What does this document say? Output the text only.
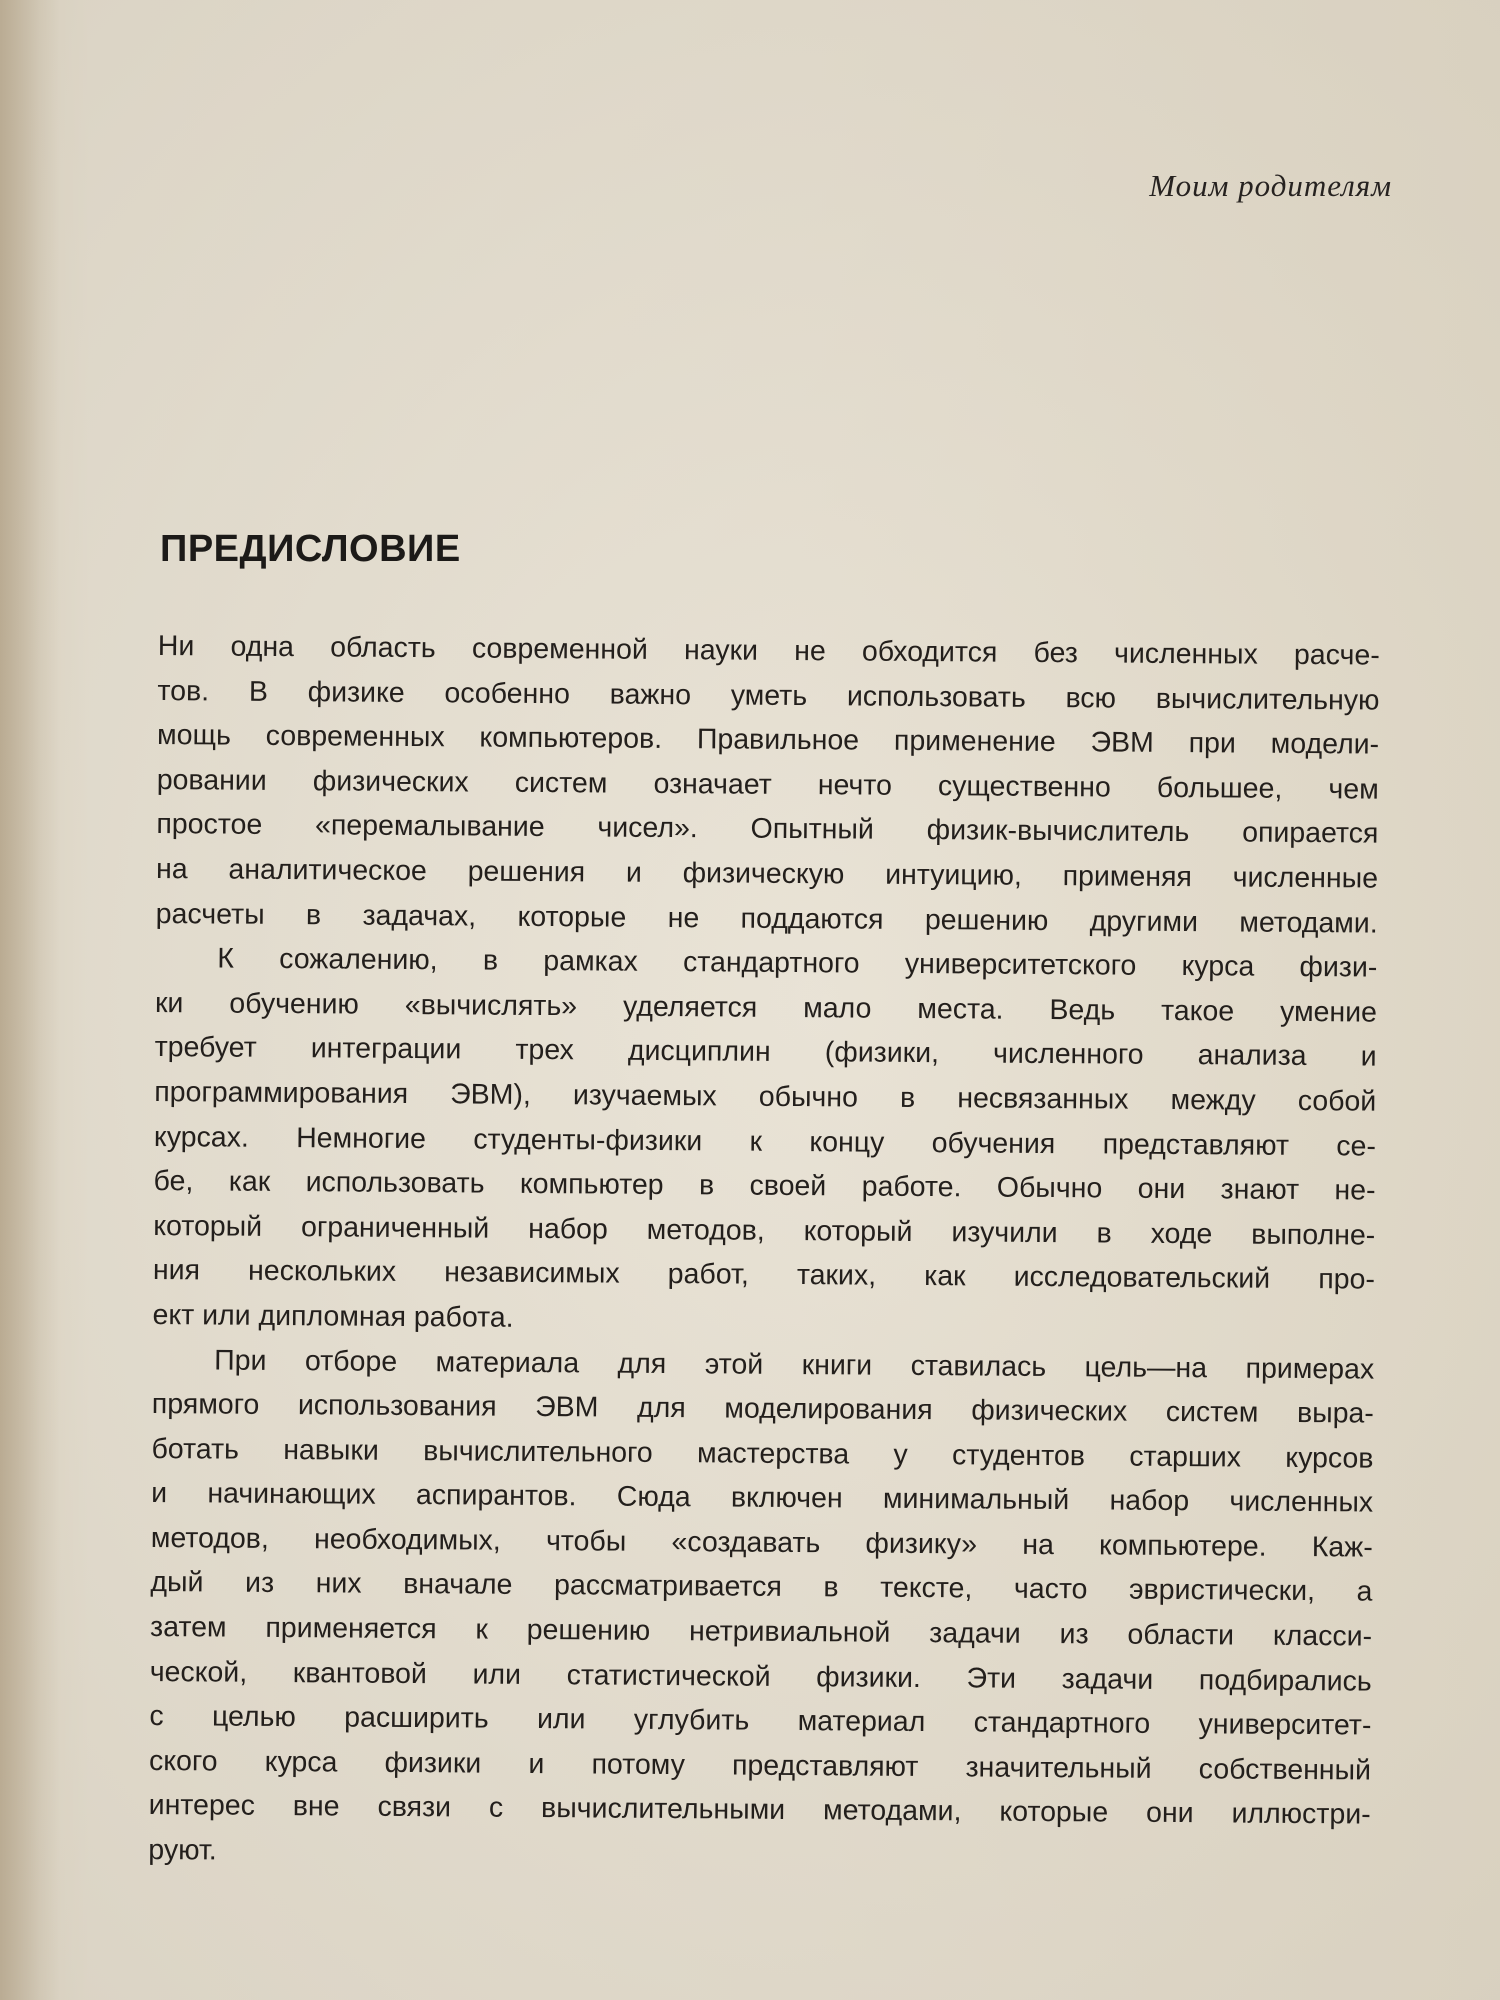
Моим родителям
ПРЕДИСЛОВИЕ
Ни одна область современной науки не обходится без численных расче-
тов. В физике особенно важно уметь использовать всю вычислительную
мощь современных компьютеров. Правильное применение ЭВМ при модели-
ровании физических систем означает нечто существенно большее, чем
простое «перемалывание чисел». Опытный физик-вычислитель опирается
на аналитическое решения и физическую интуицию, применяя численные
расчеты в задачах, которые не поддаются решению другими методами.
К сожалению, в рамках стандартного университетского курса физи-
ки обучению «вычислять» уделяется мало места. Ведь такое умение
требует интеграции трех дисциплин (физики, численного анализа и
программирования ЭВМ), изучаемых обычно в несвязанных между собой
курсах. Немногие студенты-физики к концу обучения представляют се-
бе, как использовать компьютер в своей работе. Обычно они знают не-
который ограниченный набор методов, который изучили в ходе выполне-
ния нескольких независимых работ, таких, как исследовательский про-
ект или дипломная работа.
При отборе материала для этой книги ставилась цель—на примерах
прямого использования ЭВМ для моделирования физических систем выра-
ботать навыки вычислительного мастерства у студентов старших курсов
и начинающих аспирантов. Сюда включен минимальный набор численных
методов, необходимых, чтобы «создавать физику» на компьютере. Каж-
дый из них вначале рассматривается в тексте, часто эвристически, а
затем применяется к решению нетривиальной задачи из области класси-
ческой, квантовой или статистической физики. Эти задачи подбирались
с целью расширить или углубить материал стандартного университет-
ского курса физики и потому представляют значительный собственный
интерес вне связи с вычислительными методами, которые они иллюстри-
руют.
